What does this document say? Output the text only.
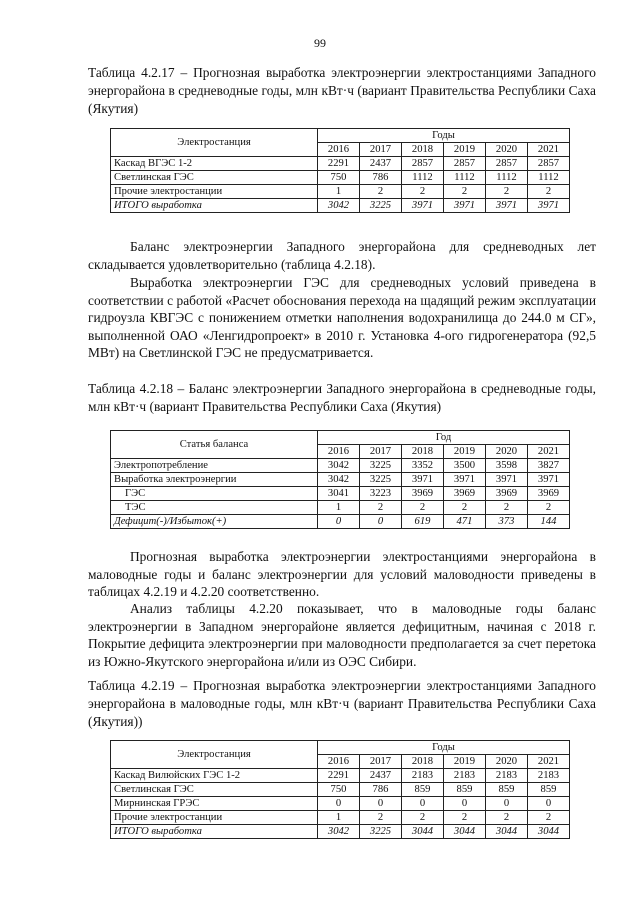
99
Таблица 4.2.17 – Прогнозная выработка электроэнергии электростанциями Западного энергорайона в средневодные годы, млн кВт·ч (вариант Правительства Республики Саха (Якутия)
Электростанция	Годы					
	2016	2017	2018	2019	2020	2021
Каскад ВГЭС 1-2	2291	2437	2857	2857	2857	2857
Светлинская ГЭС	750	786	1112	1112	1112	1112
Прочие электростанции	1	2	2	2	2	2
ИТОГО выработка	3042	3225	3971	3971	3971	3971
Баланс электроэнергии Западного энергорайона для средневодных лет складывается удовлетворительно (таблица 4.2.18).
Выработка электроэнергии ГЭС для средневодных условий приведена в соответствии с работой «Расчет обоснования перехода на щадящий режим эксплуатации гидроузла КВГЭС с понижением отметки наполнения водохранилища до 244.0 м СГ», выполненной ОАО «Ленгидропроект» в 2010 г. Установка 4-ого гидрогенератора (92,5 МВт) на Светлинской ГЭС не предусматривается.
Таблица 4.2.18 – Баланс электроэнергии Западного энергорайона в средневодные годы, млн кВт·ч (вариант Правительства Республики Саха (Якутия)
Статья баланса	Год					
	2016	2017	2018	2019	2020	2021
Электропотребление	3042	3225	3352	3500	3598	3827
Выработка электроэнергии	3042	3225	3971	3971	3971	3971
ГЭС	3041	3223	3969	3969	3969	3969
ТЭС	1	2	2	2	2	2
Дефицит(-)/Избыток(+)	0	0	619	471	373	144
Прогнозная выработка электроэнергии электростанциями энергорайона в маловодные годы и баланс электроэнергии для условий маловодности приведены в таблицах 4.2.19 и 4.2.20 соответственно.
Анализ таблицы 4.2.20 показывает, что в маловодные годы баланс электроэнергии в Западном энергорайоне является дефицитным, начиная с 2018 г. Покрытие дефицита электроэнергии при маловодности предполагается за счет перетока из Южно-Якутского энергорайона и/или из ОЭС Сибири.
Таблица 4.2.19 – Прогнозная выработка электроэнергии электростанциями Западного энергорайона в маловодные годы, млн кВт·ч (вариант Правительства Республики Саха (Якутия))
Электростанция	Годы					
	2016	2017	2018	2019	2020	2021
Каскад Вилюйских ГЭС 1-2	2291	2437	2183	2183	2183	2183
Светлинская ГЭС	750	786	859	859	859	859
Мирнинская ГРЭС	0	0	0	0	0	0
Прочие электростанции	1	2	2	2	2	2
ИТОГО выработка	3042	3225	3044	3044	3044	3044
